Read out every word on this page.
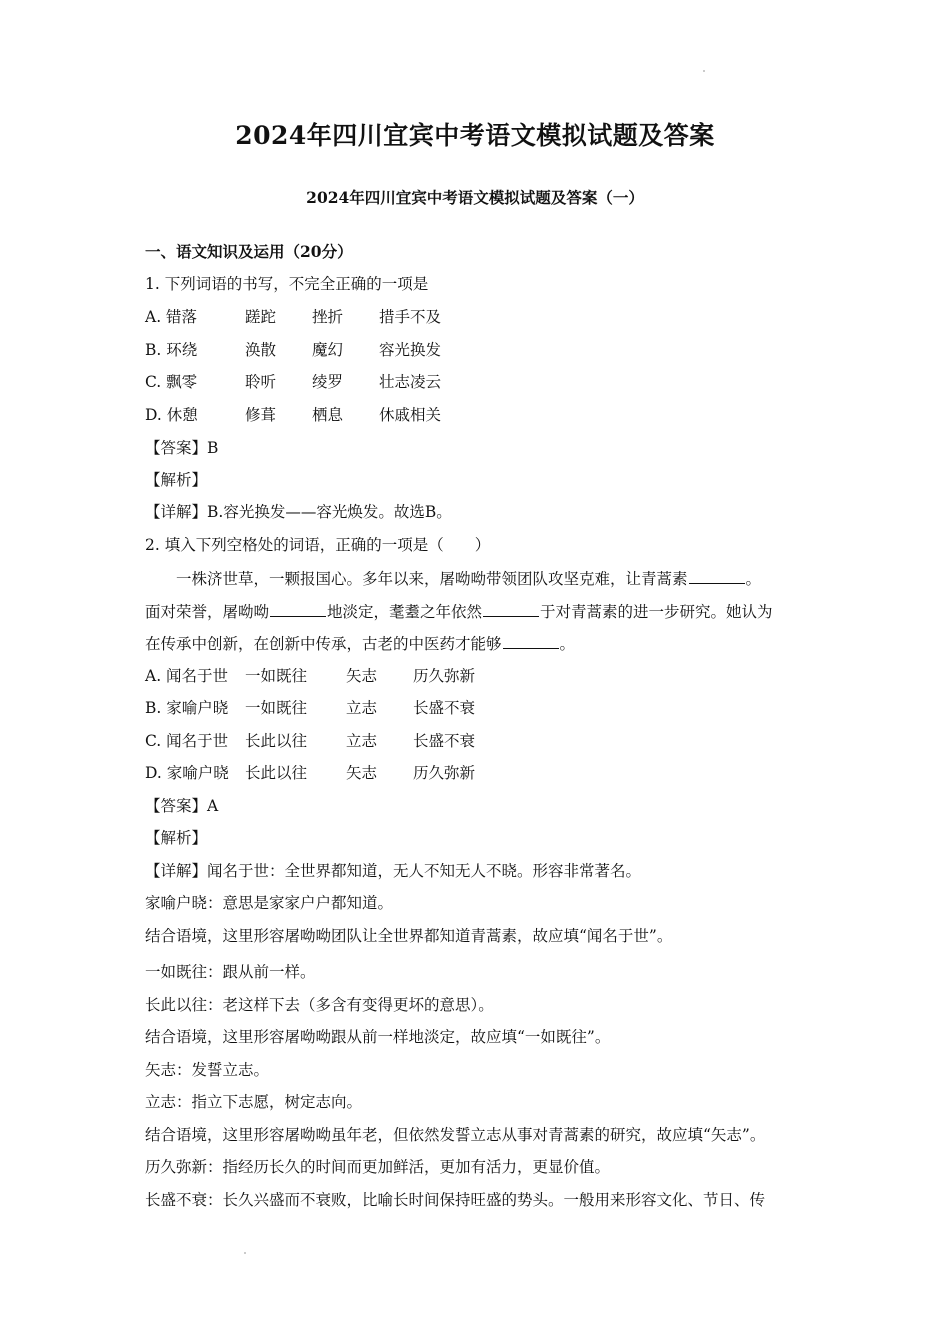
2024年四川宜宾中考语文模拟试题及答案
2024年四川宜宾中考语文模拟试题及答案（一）
一、语文知识及运用（20分）
1. 下列词语的书写，不完全正确的一项是
A. 错落	蹉跎 挫折 措手不及
B. 环绕	涣散 魔幻 容光换发
C. 飘零	聆听 绫罗 壮志凌云
D. 休憩	修葺 栖息 休戚相关
【答案】B
【解析】
【详解】B.容光换发——容光焕发。故选B。
2. 填入下列空格处的词语，正确的一项是（　　）
一株济世草，一颗报国心。多年以来，屠呦呦带领团队攻坚克难，让青蒿素	。
面对荣誉，屠呦呦	地淡定，耄耋之年依然	于对青蒿素的进一步研究。她认为
在传承中创新，在创新中传承，古老的中医药才能够	。
A. 闻名于世 一如既往	矢志 历久弥新
B. 家喻户晓 一如既往	立志 长盛不衰
C. 闻名于世 长此以往	立志 长盛不衰
D. 家喻户晓 长此以往	矢志 历久弥新
【答案】A
【解析】
【详解】闻名于世：全世界都知道，无人不知无人不晓。形容非常著名。
家喻户晓：意思是家家户户都知道。
结合语境，这里形容屠呦呦团队让全世界都知道青蒿素，故应填“闻名于世”。
一如既往：跟从前一样。
长此以往：老这样下去（多含有变得更坏的意思）。
结合语境，这里形容屠呦呦跟从前一样地淡定，故应填“一如既往”。
矢志：发誓立志。
立志：指立下志愿，树定志向。
结合语境，这里形容屠呦呦虽年老，但依然发誓立志从事对青蒿素的研究，故应填“矢志”。
历久弥新：指经历长久的时间而更加鲜活，更加有活力，更显价值。
长盛不衰：长久兴盛而不衰败，比喻长时间保持旺盛的势头。一般用来形容文化、节日、传
